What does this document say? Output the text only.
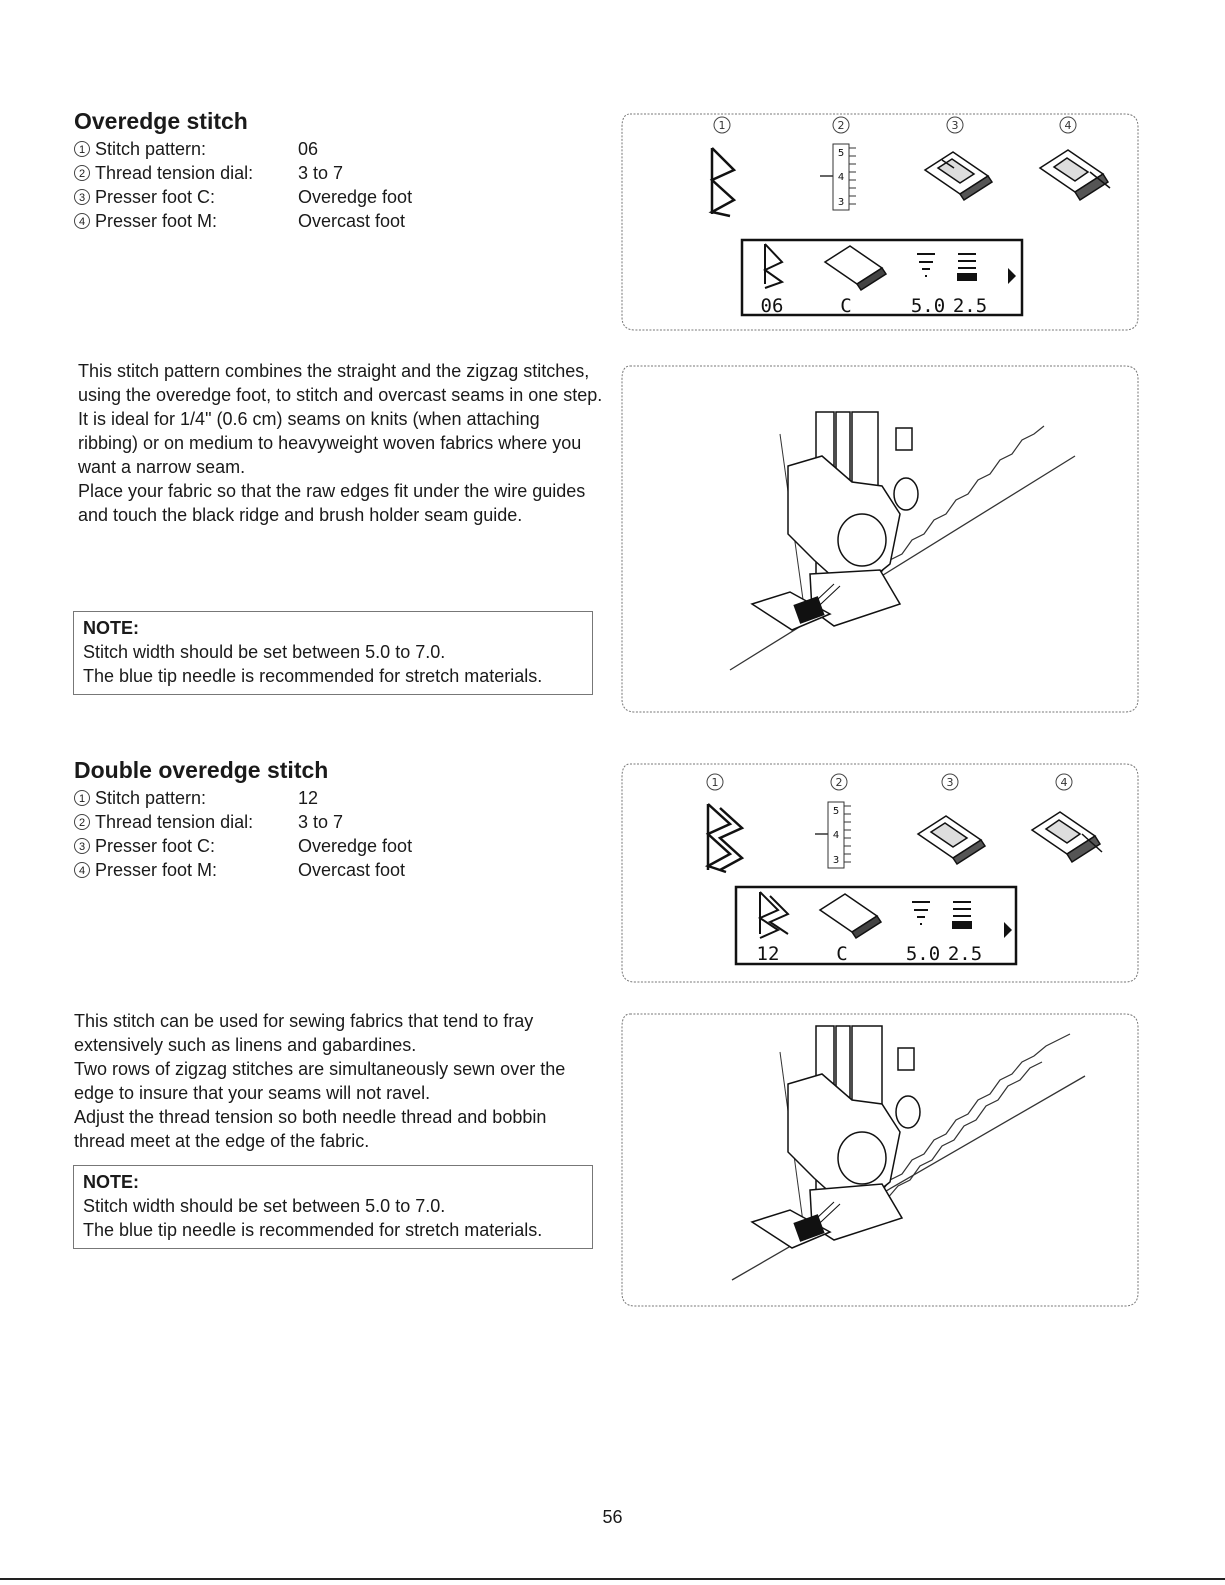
Overedge stitch
1 Stitch pattern:	06
2 Thread tension dial: 3 to 7
3 Presser foot C:	Overedge foot
4 Presser foot M:	Overcast foot

This stitch pattern combines the straight and the zigzag stitches, using the overedge foot, to stitch and overcast seams in one step.

It is ideal for 1/4" (0.6 cm) seams on knits (when attaching ribbing) or on medium to heavyweight woven fabrics where you want a narrow seam.

Place your fabric so that the raw edges fit under the wire guides and touch the black ridge and brush holder seam guide.

NOTE:
Stitch width should be set between 5.0 to 7.0.
The blue tip needle is recommended for stretch materials.
1	2	3	4
5
4
3
06	C	5.0 2.5
Double overedge stitch
1 Stitch pattern:	12
2 Thread tension dial: 3 to 7
3 Presser foot C:	Overedge foot
4 Presser foot M:	Overcast foot

This stitch can be used for sewing fabrics that tend to fray extensively such as linens and gabardines.

Two rows of zigzag stitches are simultaneously sewn over the edge to insure that your seams will not ravel.

Adjust the thread tension so both needle thread and bobbin thread meet at the edge of the fabric.

NOTE:
Stitch width should be set between 5.0 to 7.0.
The blue tip needle is recommended for stretch materials.
1	2	3	4
5
4
3
12	C	5.0 2.5
56
